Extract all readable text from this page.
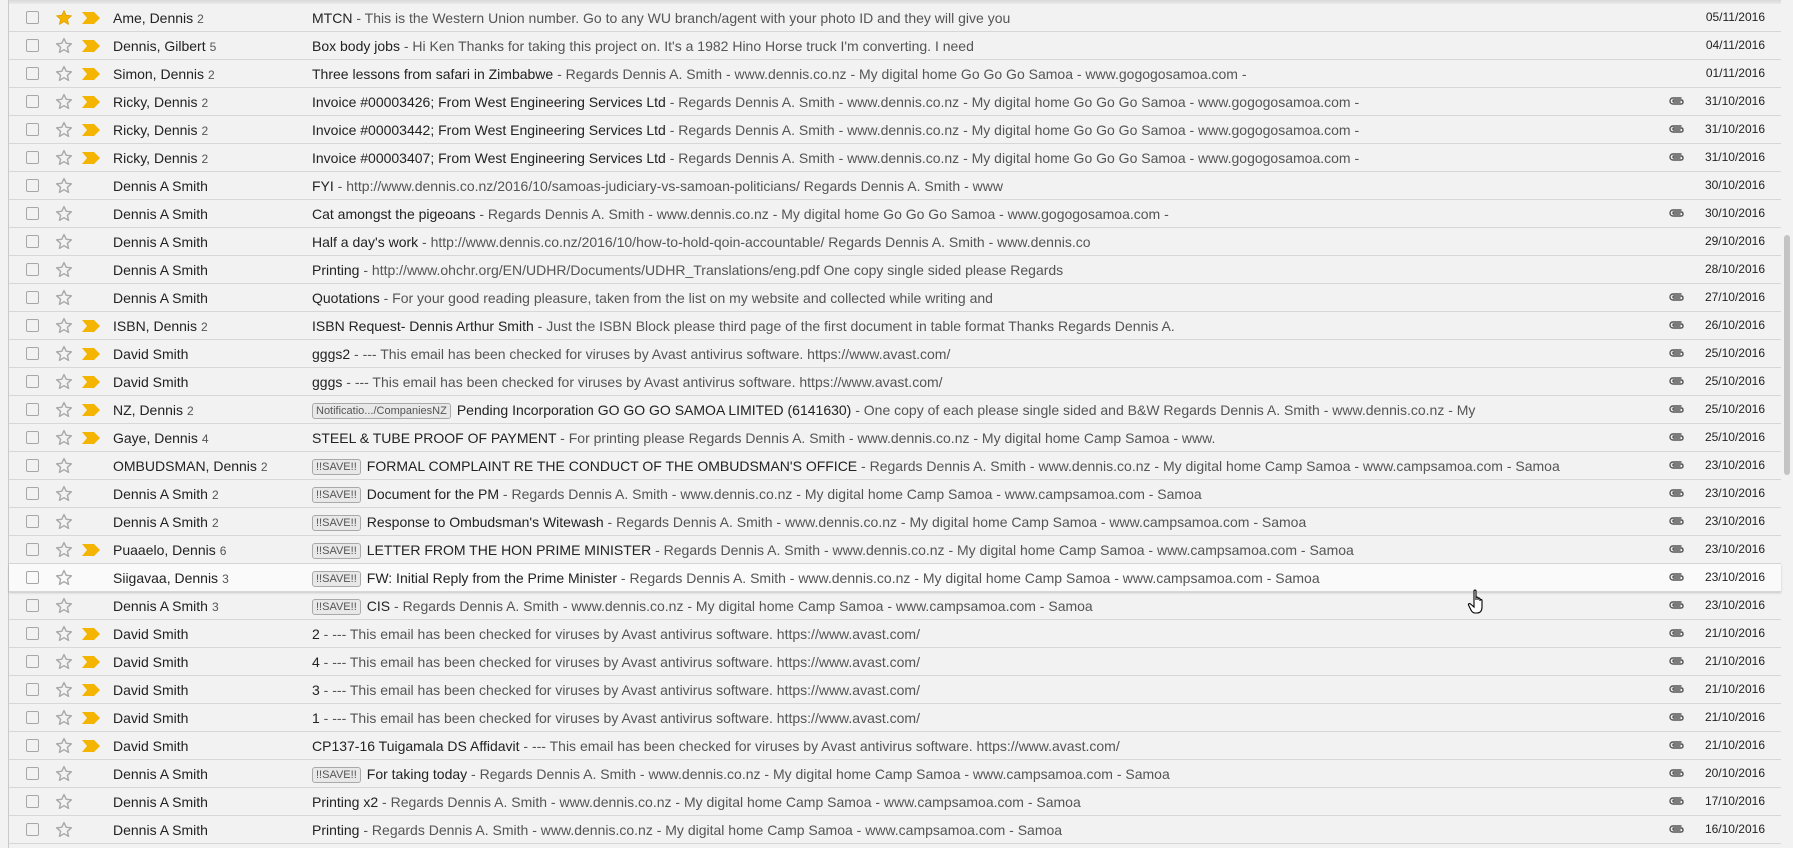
Ame, Dennis 2	MTCN - This is the Western Union number. Go to any WU branch/agent with your photo ID and they will give you	05/11/2016
Dennis, Gilbert 5	Box body jobs - Hi Ken Thanks for taking this project on. It's a 1982 Hino Horse truck I'm converting. I need	04/11/2016
Simon, Dennis 2	Three lessons from safari in Zimbabwe - Regards Dennis A. Smith - www.dennis.co.nz - My digital home Go Go Go Samoa - www.gogogosamoa.com -	01/11/2016
Ricky, Dennis 2	Invoice #00003426; From West Engineering Services Ltd - Regards Dennis A. Smith - www.dennis.co.nz - My digital home Go Go Go Samoa - www.gogogosamoa.com -	31/10/2016
Ricky, Dennis 2	Invoice #00003442; From West Engineering Services Ltd - Regards Dennis A. Smith - www.dennis.co.nz - My digital home Go Go Go Samoa - www.gogogosamoa.com -	31/10/2016
Ricky, Dennis 2	Invoice #00003407; From West Engineering Services Ltd - Regards Dennis A. Smith - www.dennis.co.nz - My digital home Go Go Go Samoa - www.gogogosamoa.com -	31/10/2016
Dennis A Smith	FYI - http://www.dennis.co.nz/2016/10/samoas-judiciary-vs-samoan-politicians/ Regards Dennis A. Smith - www	30/10/2016
Dennis A Smith	Cat amongst the pigeoans - Regards Dennis A. Smith - www.dennis.co.nz - My digital home Go Go Go Samoa - www.gogogosamoa.com -	30/10/2016
Dennis A Smith	Half a day's work - http://www.dennis.co.nz/2016/10/how-to-hold-qoin-accountable/ Regards Dennis A. Smith - www.dennis.co	29/10/2016
Dennis A Smith	Printing - http://www.ohchr.org/EN/UDHR/Documents/UDHR_Translations/eng.pdf One copy single sided please Regards	28/10/2016
Dennis A Smith	Quotations - For your good reading pleasure, taken from the list on my website and collected while writing and	27/10/2016
ISBN, Dennis 2	ISBN Request- Dennis Arthur Smith - Just the ISBN Block please third page of the first document in table format Thanks Regards Dennis A.	26/10/2016
David Smith	gggs2 - --- This email has been checked for viruses by Avast antivirus software. https://www.avast.com/	25/10/2016
David Smith	gggs - --- This email has been checked for viruses by Avast antivirus software. https://www.avast.com/	25/10/2016
NZ, Dennis 2	Notificatio.../CompaniesNZ Pending Incorporation GO GO GO SAMOA LIMITED (6141630) - One copy of each please single sided and B&W Regards Dennis A. Smith - www.dennis.co.nz - My	25/10/2016
Gaye, Dennis 4	STEEL & TUBE PROOF OF PAYMENT - For printing please Regards Dennis A. Smith - www.dennis.co.nz - My digital home Camp Samoa - www.	25/10/2016
OMBUDSMAN, Dennis 2	!!SAVE!! FORMAL COMPLAINT RE THE CONDUCT OF THE OMBUDSMAN'S OFFICE - Regards Dennis A. Smith - www.dennis.co.nz - My digital home Camp Samoa - www.campsamoa.com - Samoa	23/10/2016
Dennis A Smith 2	!!SAVE!! Document for the PM - Regards Dennis A. Smith - www.dennis.co.nz - My digital home Camp Samoa - www.campsamoa.com - Samoa	23/10/2016
Dennis A Smith 2	!!SAVE!! Response to Ombudsman's Witewash - Regards Dennis A. Smith - www.dennis.co.nz - My digital home Camp Samoa - www.campsamoa.com - Samoa	23/10/2016
Puaaelo, Dennis 6	!!SAVE!! LETTER FROM THE HON PRIME MINISTER - Regards Dennis A. Smith - www.dennis.co.nz - My digital home Camp Samoa - www.campsamoa.com - Samoa	23/10/2016
Siigavaa, Dennis 3	!!SAVE!! FW: Initial Reply from the Prime Minister - Regards Dennis A. Smith - www.dennis.co.nz - My digital home Camp Samoa - www.campsamoa.com - Samoa	23/10/2016
Dennis A Smith 3	!!SAVE!! CIS - Regards Dennis A. Smith - www.dennis.co.nz - My digital home Camp Samoa - www.campsamoa.com - Samoa	23/10/2016
David Smith	2 - --- This email has been checked for viruses by Avast antivirus software. https://www.avast.com/	21/10/2016
David Smith	4 - --- This email has been checked for viruses by Avast antivirus software. https://www.avast.com/	21/10/2016
David Smith	3 - --- This email has been checked for viruses by Avast antivirus software. https://www.avast.com/	21/10/2016
David Smith	1 - --- This email has been checked for viruses by Avast antivirus software. https://www.avast.com/	21/10/2016
David Smith	CP137-16 Tuigamala DS Affidavit - --- This email has been checked for viruses by Avast antivirus software. https://www.avast.com/	21/10/2016
Dennis A Smith	!!SAVE!! For taking today - Regards Dennis A. Smith - www.dennis.co.nz - My digital home Camp Samoa - www.campsamoa.com - Samoa	20/10/2016
Dennis A Smith	Printing x2 - Regards Dennis A. Smith - www.dennis.co.nz - My digital home Camp Samoa - www.campsamoa.com - Samoa	17/10/2016
Dennis A Smith	Printing - Regards Dennis A. Smith - www.dennis.co.nz - My digital home Camp Samoa - www.campsamoa.com - Samoa	16/10/2016
